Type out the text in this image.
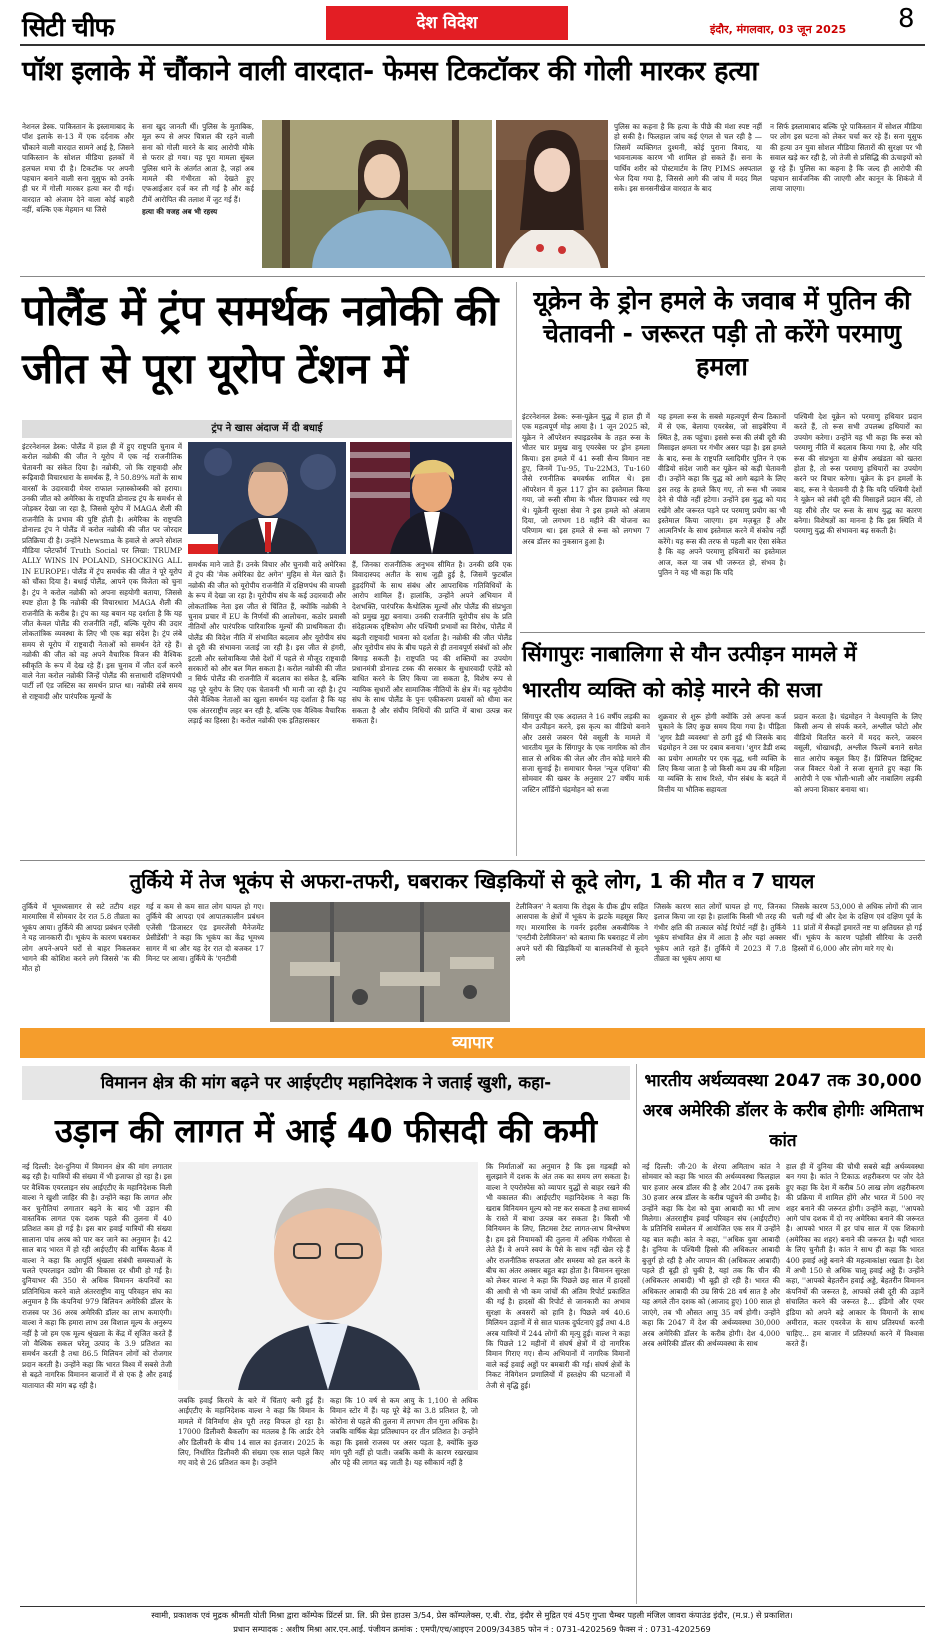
सिटी चीफ	देश विदेश	इंदौर, मंगलवार, 03 जून 2025 8
पॉश इलाके में चौंकाने वाली वारदात- फेमस टिकटॉकर की गोली मारकर हत्या
नेशनल डेस्क. पाकिस्तान के इस्लामाबाद के पॉश इलाके स-13 में एक दर्दनाक और चौंकाने वाली वारदात सामने आई है, जिसने पाकिस्तान के सोशल मीडिया हलकों में हलचल मचा दी है। टिकटॉक पर अपनी पहचान बनाने वाली सना यूसुफ को उनके ही घर में गोली मारकर हत्या कर दी गई। वारदात को अंजाम देने वाला कोई बाहरी नहीं, बल्कि एक मेहमान था जिसे
सना खुद जानती थीं। पुलिस के मुताबिक, मूल रूप से अपर चित्राल की रहने वाली सना को गोली मारने के बाद आरोपी मौके से फरार हो गया। यह पूरा मामला सुंबल पुलिस थाने के अंतर्गत आता है, जहां अब मामले की गंभीरता को देखते हुए एफआईआर दर्ज कर ली गई है और कई टीमें आरोपित की तलाश में जुट गई हैं।
हत्या की वजह अब भी रहस्य
पुलिस का कहना है कि हत्या के पीछे की मंशा स्पष्ट नहीं हो सकी है। फिलहाल जांच कई एंगल से चल रही है — जिसमें व्यक्तिगत दुश्मनी, कोई पुराना विवाद, या भावनात्मक कारण भी शामिल हो सकते हैं। सना के पार्थिव शरीर को पोस्टमार्टम के लिए PIMS अस्पताल भेज दिया गया है, जिससे आगे की जांच में मदद मिल सके। इस सनसनीखेज वारदात के बाद
न सिर्फ इस्लामाबाद बल्कि पूरे पाकिस्तान में सोशल मीडिया पर लोग इस घटना को लेकर चर्चा कर रहे हैं। सना यूसुफ की हत्या उन युवा सोशल मीडिया सितारों की सुरक्षा पर भी सवाल खड़े कर रही है, जो तेजी से प्रसिद्धि की ऊंचाइयों को छू रहे हैं। पुलिस का कहना है कि जल्द ही आरोपी की पहचान सार्वजनिक की जाएगी और कानून के शिकंजे में लाया जाएगा।
पोलैंड में ट्रंप समर्थक नव्रोकी की जीत से पूरा यूरोप टेंशन में
ट्रंप ने खास अंदाज में दी बधाई
इंटरनेशनल डेस्क: पोलैंड में हाल ही में हुए राष्ट्रपति चुनाव में करोल नव्रोकी की जीत ने यूरोप में एक नई राजनीतिक चेतावनी का संकेत दिया है। नव्रोकी, जो कि राष्ट्रवादी और रूढ़िवादी विचारधारा के समर्थक हैं, ने 50.89% मतों के साथ वारसॉ के उदारवादी मेयर राफाल त्र्ज़ास्कोव्स्की को हराया। उनकी जीत को अमेरिका के राष्ट्रपति डोनाल्ड ट्रंप के समर्थन से जोड़कर देखा जा रहा है, जिससे यूरोप में MAGA शैली की राजनीति के प्रभाव की पुष्टि होती है। अमेरिका के राष्ट्रपति डोनाल्ड ट्रंप ने पोलैंड में करोल नव्रोकी की जीत पर जोरदार प्रतिक्रिया दी है। उन्होंने Newsma के हवाले से अपने सोशल मीडिया प्लेटफॉर्म Truth Social पर लिखा: TRUMP ALLY WINS IN POLAND, SHOCKING ALL IN EUROPE। पोलैंड में ट्रंप समर्थक की जीत ने पूरे यूरोप को चौंका दिया है। बधाई पोलैंड, आपने एक विजेता को चुना है। ट्रंप ने करोल नव्रोकी को अपना सहयोगी बताया, जिससे स्पष्ट होता है कि नव्रोकी की विचारधारा MAGA शैली की राजनीति के करीब है। ट्रंप का यह बयान यह दर्शाता है कि यह जीत केवल पोलैंड की राजनीति नहीं, बल्कि यूरोप की उदार लोकतांत्रिक व्यवस्था के लिए भी एक बड़ा संदेश है। ट्रंप लंबे समय से यूरोप में राष्ट्रवादी नेताओं को समर्थन देते रहे हैं। नव्रोकी की जीत को वह अपने वैचारिक विजन की वैश्विक स्वीकृति के रूप में देख रहे हैं। इस चुनाव में जीत दर्ज करने वाले नेता करोल नव्रोकी जिन्हें पोलैंड की सत्ताधारी दक्षिणपंथी पार्टी लॉ एंड जस्टिस का समर्थन प्राप्त था। नव्रोकी लंबे समय से राष्ट्रवादी और पारंपरिक मूल्यों के
समर्थक माने जाते हैं। उनके विचार और चुनावी वादे अमेरिका में ट्रंप की 'मेक अमेरिका ग्रेट अगेन' मुहिम से मेल खाते हैं। नव्रोकी की जीत को यूरोपीय राजनीति में दक्षिणपंथ की वापसी के रूप में देखा जा रहा है। यूरोपीय संघ के कई उदारवादी और लोकतांत्रिक नेता इस जीत से चिंतित हैं, क्योंकि नव्रोकी ने चुनाव प्रचार में EU के निर्णयों की आलोचना, कठोर प्रवासी नीतियों और पारंपरिक पारिवारिक मूल्यों की प्राथमिकता दी। पोलैंड की विदेश नीति में संभावित बदलाव और यूरोपीय संघ से दूरी की संभावना जताई जा रही है। इस जीत से हंगरी, इटली और स्लोवाकिया जैसे देशों में पहले से मौजूद राष्ट्रवादी सरकारों को और बल मिल सकता है। करोल नव्रोकी की जीत न सिर्फ पोलैंड की राजनीति में बदलाव का संकेत है, बल्कि यह पूरे यूरोप के लिए एक चेतावनी भी मानी जा रही है। ट्रंप जैसे वैश्विक नेताओं का खुला समर्थन यह दर्शाता है कि यह एक अंतरराष्ट्रीय लहर बन रही है, बल्कि एक वैश्विक वैचारिक लड़ाई का हिस्सा है। करोल नव्रोकी एक इतिहासकार
हैं, जिनका राजनीतिक अनुभव सीमित है। उनकी छवि एक विवादास्पद अतीत के साथ जुड़ी हुई है, जिसमें फुटबॉल हुड़दंगियों के साथ संबंध और आपराधिक गतिविधियों के आरोप शामिल हैं। हालांकि, उन्होंने अपने अभियान में देशभक्ति, पारंपरिक कैथोलिक मूल्यों और पोलैंड की संप्रभुता को प्रमुख मुद्दा बनाया। उनकी राजनीति यूरोपीय संघ के प्रति संदेहात्मक दृष्टिकोण और पश्चिमी प्रभावों का विरोध, पोलैंड में बढ़ती राष्ट्रवादी भावना को दर्शाता है। नव्रोकी की जीत पोलैंड और यूरोपीय संघ के बीच पहले से ही तनावपूर्ण संबंधों को और बिगाड़ सकती है। राष्ट्रपति पद की शक्तियों का उपयोग प्रधानमंत्री डोनाल्ड टस्क की सरकार के सुधारवादी एजेंडे को बाधित करने के लिए किया जा सकता है, विशेष रूप से न्यायिक सुधारों और सामाजिक नीतियों के क्षेत्र में। यह यूरोपीय संघ के साथ पोलैंड के पुनः एकीकरण प्रयासों को धीमा कर सकता है और संघीय निधियों की प्राप्ति में बाधा उत्पन्न कर सकता है।
यूक्रेन के ड्रोन हमले के जवाब में पुतिन की चेतावनी - जरूरत पड़ी तो करेंगे परमाणु हमला
इंटरनेशनल डेस्क: रूस-यूक्रेन युद्ध में हाल ही में एक महत्वपूर्ण मोड़ आया है। 1 जून 2025 को, यूक्रेन ने ऑपरेशन स्पाइडरवेब के तहत रूस के भीतर चार प्रमुख वायु एयरबेस पर ड्रोन हमला किया। इस हमले में 41 रूसी सैन्य विमान नष्ट हुए, जिनमें Tu-95, Tu-22M3, Tu-160 जैसे रणनीतिक बमवर्षक शामिल थे। इस ऑपरेशन में कुल 117 ड्रोन का इस्तेमाल किया गया, जो रूसी सीमा के भीतर छिपाकर रखे गए थे। यूक्रेनी सुरक्षा सेवा ने इस हमले को अंजाम दिया, जो लगभग 18 महीने की योजना का परिणाम था। इस हमले से रूस को लगभग 7 अरब डॉलर का नुकसान हुआ है।
यह हमला रूस के सबसे महत्वपूर्ण सैन्य ठिकानों में से एक, बेलाया एयरबेस, जो साइबेरिया में स्थित है, तक पहुंचा। इससे रूस की लंबी दूरी की मिसाइल क्षमता पर गंभीर असर पड़ा है। इस हमले के बाद, रूस के राष्ट्रपति व्लादिमीर पुतिन ने एक वीडियो संदेश जारी कर यूक्रेन को कड़ी चेतावनी दी। उन्होंने कहा कि युद्ध को आगे बढ़ाने के लिए इस तरह के हमले किए गए, तो रूस भी जवाब देने से पीछे नहीं हटेगा। उन्होंने इस युद्ध को याद रखेंगे और जरूरत पड़ने पर परमाणु प्रयोग का भी इस्तेमाल किया जाएगा। हम मज़बूत हैं और आत्मनिर्भर के साथ इस्तेमाल करने में संकोच नहीं करेंगे। यह रूस की तरफ से पहली बार ऐसा संकेत है कि वह अपने परमाणु हथियारों का इस्तेमाल आज, कल या जब भी जरूरत हो, संभव है। पुतिन ने यह भी कहा कि यदि
पश्चिमी देश यूक्रेन को परमाणु हथियार प्रदान करते हैं, तो रूस सभी उपलब्ध हथियारों का उपयोग करेगा। उन्होंने यह भी कहा कि रूस को परमाणु नीति में बदलाव किया गया है, और यदि रूस की संप्रभुता या क्षेत्रीय अखंडता को खतरा होता है, तो रूस परमाणु हथियारों का उपयोग करने पर विचार करेगा। यूक्रेन के इन हमलों के बाद, रूस ने चेतावनी दी है कि यदि पश्चिमी देशों ने यूक्रेन को लंबी दूरी की मिसाइलें प्रदान कीं, तो यह सीधे तौर पर रूस के साथ युद्ध का कारण बनेगा। विशेषज्ञों का मानना है कि इस स्थिति में परमाणु युद्ध की संभावना बढ़ सकती है।
सिंगापुरः नाबालिगा से यौन उत्पीड़न मामले में भारतीय व्यक्ति को कोड़े मारने की सजा
सिंगापुर की एक अदालत ने 16 वर्षीय लड़की का यौन उत्पीड़न करने, इस कृत्य का वीडियो बनाने और उससे जबरन पैसे वसूली के मामले में भारतीय मूल के सिंगापुर के एक नागरिक को तीन साल से अधिक की जेल और तीन कोड़े मारने की सजा सुनाई है। समाचार चैनल 'न्यूज एशिया' की सोमवार की खबर के अनुसार 27 वर्षीय मार्क जस्टिन लॉर्डिनो चंद्रमोहन को सजा
शुक्रवार से शुरू होगी क्योंकि उसे अपना कर्ज चुकाने के लिए कुछ समय दिया गया है। पीड़िता 'शुगर डैडी व्यवस्था' से ठगी हुई थी जिसके बाद चंद्रमोहन ने उस पर दबाव बनाया। 'शुगर डैडी शब्द का प्रयोग आमतौर पर एक वृद्ध, धनी व्यक्ति के लिए किया जाता है जो किसी कम उम्र की महिला या व्यक्ति के साथ रिश्ते, यौन संबंध के बदले में वित्तीय या भौतिक सहायता
प्रदान करता है। चंद्रमोहन ने वेश्यावृत्ति के लिए किसी अन्य से संपर्क करने, अश्लील फोटो और वीडियो वितरित करने में मदद करने, जबरन वसूली, धोखाधड़ी, अश्लील फिल्में बनाने समेत सात आरोप कबूल किए हैं। प्रिंसिपल डिस्ट्रिक्ट जज विक्टर येओ ने सजा सुनाते हुए कहा कि आरोपी ने एक भोली-भाली और नाबालिग लड़की को अपना शिकार बनाया था।
तुर्किये में तेज भूकंप से अफरा-तफरी, घबराकर खिड़कियों से कूदे लोग, 1 की मौत व 7 घायल
तुर्किये में भूमध्यसागर से सटे तटीय शहर मारमारिस में सोमवार देर रात 5.8 तीव्रता का भूकंप आया। तुर्किये की आपदा प्रबंधन एजेंसी ने यह जानकारी दी। भूकंप के कारण घबराकर लोग अपने-अपने घरों से बाहर निकलकर भागने की कोशिश करने लगे जिससे 'क की मौत हो
गई व कम से कम सात लोग घायल हो गए। तुर्किये की आपदा एवं आपातकालीन प्रबंधन एजेंसी 'डिजास्टर एंड इमरजेंसी मैनेजमेंट प्रेसीडेंसी' ने कहा कि भूकंप का केंद्र भूमध्य सागर में था और यह देर रात दो बजकर 17 मिनट पर आया। तुर्किये के 'एनटीवी
टेलीविजन' ने बताया कि रोड्स के ग्रीक द्वीप सहित आसपास के क्षेत्रों में भूकंप के झटके महसूस किए गए। मारमारिस के गवर्नर इदरीस अकबीयिक ने 'एनटीवी टेलीविजन' को बताया कि घबराहट में लोग अपने घरों की खिड़कियों या बालकनियों से कूदने लगे
जिसके कारण सात लोगों घायल हो गए, जिनका इलाज किया जा रहा है। हालांकि किसी भी तरह की गंभीर क्षति की तत्काल कोई रिपोर्ट नहीं है। तुर्किये भूकंप संभावित क्षेत्र में आता है और यहां अक्सर भूकंप आते रहते हैं। तुर्किये में 2023 में 7.8 तीव्रता का भूकंप आया था
जिसके कारण 53,000 से अधिक लोगों की जान चली गई थी और देश के दक्षिण एवं दक्षिण पूर्व के 11 प्रांतों में सैकड़ों इमारतें नष्ट या क्षतिग्रस्त हो गई थीं। भूकंप के कारण पड़ोसी सीरिया के उत्तरी हिस्सों में 6,000 और लोग मारे गए थे।
व्यापार
विमानन क्षेत्र की मांग बढ़ने पर आईएटीए महानिदेशक ने जताई खुशी, कहा-
उड़ान की लागत में आई 40 फीसदी की कमी
नई दिल्ली: देश-दुनिया में विमानन क्षेत्र की मांग लगातार बढ़ रही है। यात्रियों की संख्या में भी इजाफा हो रहा है। इस पर वैश्विक एयरलाइन संघ आईएटीए के महानिदेशक विली वाल्श ने खुशी जाहिर की है। उन्होंने कहा कि लागत और कर चुनौतियां लगातार बढ़ने के बाद भी उड़ान की वास्तविक लागत एक दशक पहले की तुलना में 40 प्रतिशत कम हो गई है। इस बार हवाई यात्रियों की संख्या सालाना पांच अरब को पार कर जाने का अनुमान है। 42 साल बाद भारत में हो रही आईएटीए की वार्षिक बैठक में वाल्श ने कहा कि आपूर्ति श्रृंखला संबंधी समस्याओं के चलते एयरलाइन उद्योग की विकास दर धीमी हो गई है। दुनियाभर की 350 से अधिक विमानन कंपनियों का प्रतिनिधित्व करने वाले अंतरराष्ट्रीय वायु परिवहन संघ का अनुमान है कि कंपनियां 979 बिलियन अमेरिकी डॉलर के राजस्व पर 36 अरब अमेरिकी डॉलर का लाभ कमाएंगी। वाल्श ने कहा कि हमारा लाभ उस विशाल मूल्य के अनुरूप नहीं है जो हम एक मूल्य श्रृंखला के केंद्र में सृजित करते हैं जो वैश्विक सकल घरेलू उत्पाद के 3.9 प्रतिशत का समर्थन करती है तथा 86.5 मिलियन लोगों को रोजगार प्रदान करती है। उन्होंने कहा कि भारत विश्व में सबसे तेजी से बढ़ते नागरिक विमानन बाजारों में से एक है और हवाई यातायात की मांग बढ़ रही है।
जबकि हवाई किराये के बारे में चिंताएं बनी हुई हैं। आईएटीए के महानिदेशक वाल्श ने कहा कि विमान के मामले में विनिर्माण क्षेत्र पूरी तरह विफल हो रहा है। 17000 डिलीवरी बैकलॉग का मतलब है कि आर्डर देने और डिलीवरी के बीच 14 साल का इंतजार। 2025 के लिए, निर्धारित डिलीवरी की संख्या एक साल पहले किए गए वादे से 26 प्रतिशत कम है। उन्होंने
कहा कि 10 वर्ष से कम आयु के 1,100 से अधिक विमान स्टोर में हैं। यह पूरे बेड़े का 3.8 प्रतिशत है, जो कोरोना से पहले की तुलना में लगभग तीन गुना अधिक है। जबकि वार्षिक बेड़ा प्रतिस्थापन दर तीन प्रतिशत है। उन्होंने कहा कि इससे राजस्व पर असर पड़ता है, क्योंकि कुछ मांग पूरी नहीं हो पाती। जबकि कमी के कारण रखरखाव और पट्टे की लागत बढ़ जाती है। यह स्वीकार्य नहीं है
कि निर्माताओं का अनुमान है कि इस गड़बड़ी को सुलझाने में दशक के अंत तक का समय लग सकता है। वाल्श ने एयरोस्पेस को व्यापार युद्धों से बाहर रखने की भी वकालत की। आईएटीए महानिदेशक ने कहा कि खराब विनियमन मूल्य को नष्ट कर सकता है तथा सामर्थ्य के रास्ते में बाधा उत्पन्न कर सकता है। किसी भी विनियमन के लिए, लिटमस टेस्ट लागत-लाभ विश्लेषण है। हम इसे नियामकों की तुलना में अधिक गंभीरता से लेते हैं। वे अपने स्वयं के पैसे के साथ नहीं खेल रहे हैं और राजनीतिक सफलता और समस्या को हल करने के बीच का अंतर अक्सर बहुत बड़ा होता है। विमानन सुरक्षा को लेकर वाल्श ने कहा कि पिछले छह साल में हादसों की आधी से भी कम जांचों की अंतिम रिपोर्ट प्रकाशित की गई है। हादसों की रिपोर्ट से जानकारी का अभाव सुरक्षा के अवसरों को हानि है। पिछले वर्ष 40.6 मिलियन उड़ानों में से सात घातक दुर्घटनाएं हुईं तथा 4.8 अरब यात्रियों में 244 लोगों की मृत्यु हुई। वाल्श ने कहा कि पिछले 12 महीनों में संघर्ष क्षेत्रों में दो नागरिक विमान गिराए गए। सैन्य अभियानों में नागरिक विमानों वाले कई हवाई अड्डों पर बमबारी की गई। संघर्ष क्षेत्रों के निकट नेविगेशन प्रणालियों में हस्तक्षेप की घटनाओं में तेजी से वृद्धि हुई।
भारतीय अर्थव्यवस्था 2047 तक 30,000 अरब अमेरिकी डॉलर के करीब होगीः अमिताभ कांत
नई दिल्ली: जी-20 के शेरपा अमिताभ कांत ने सोमवार को कहा कि भारत की अर्थव्यवस्था फिलहाल चार हजार अरब डॉलर की है और 2047 तक इसके 30 हजार अरब डॉलर के करीब पहुंचने की उम्मीद है। उन्होंने कहा कि देश को युवा आबादी का भी लाभ मिलेगा। अंतरराष्ट्रीय हवाई परिवहन संघ (आईएटीए) के प्रतिनिधि सम्मेलन में आयोजित एक सत्र में उन्होंने यह बात कही। कांत ने कहा, ''अधिक युवा आबादी है। दुनिया के पश्चिमी हिस्से की अधिकतर आबादी बुजुर्ग हो रही है और जापान की (अधिकतर आबादी) पहले ही बूढ़ी हो चुकी है, यहां तक कि चीन की (अधिकतर आबादी) भी बूढ़ी हो रही है। भारत की अधिकतर आबादी की उम्र सिर्फ 28 वर्ष सात है और यह अगले तीन दशक को (आजाद हुए) 100 साल हो जाएंगे, तब भी औसत आयु 35 वर्ष होगी। उन्होंने कहा कि 2047 में देश की अर्थव्यवस्था 30,000 अरब अमेरिकी डॉलर के करीब होगी। देश 4,000 अरब अमेरिकी डॉलर की अर्थव्यवस्था के साथ
हाल ही में दुनिया की चौथी सबसे बड़ी अर्थव्यवस्था बन गया है। कांत ने टिकाऊ शहरीकरण पर जोर देते हुए कहा कि देश में करीब 50 लाख लोग शहरीकरण की प्रक्रिया में शामिल होंगे और भारत में 500 नए शहर बनाने की जरूरत होगी। उन्होंने कहा, ''आपको आगे पांच दशक में दो नए अमेरिका बनाने की जरूरत है। आपको भारत में हर पांच साल में एक शिकागो (अमेरिका का शहर) बनाने की जरूरत है। यही भारत के लिए चुनौती है। कांत ने साथ ही कहा कि भारत 400 हवाई अड्डे बनाने की महत्वाकांक्षा रखता है। देश में अभी 150 से अधिक चालू हवाई अड्डे हैं। उन्होंने कहा, ''आपको बेहतरीन हवाई अड्डे, बेहतरीन विमानन कंपनियों की जरूरत है, आपको लंबी दूरी की उड़ानें संचालित करने की जरूरत है... इंडिगो और एयर इंडिया को अपने बड़े आकार के विमानों के साथ अमीरात, कतर एयरवेज के साथ प्रतिस्पर्धा करनी चाहिए... हम बाजार में प्रतिस्पर्धा करने में विश्वास करते हैं।
स्वामी, प्रकाशक एवं मुद्रक श्रीमती योती मिश्रा द्वारा कॉम्पेक प्रिंटर्स प्रा. लि. फ्री प्रेस हाउस 3/54, प्रेस कॉम्पलेक्स, ए.बी. रोड, इंदौर से मुद्रित एवं 45ए गुप्ता चैम्बर पहली मंजिल जावरा कंपाउंड इंदौर, (म.प्र.) से प्रकाशित।
प्रधान सम्पादक : अशीष मिश्रा आर.एन.आई. पंजीयन क्रमांक : एमपी/एच/आइएन 2009/34385 फोन नं : 0731-4202569 फैक्स नं : 0731-4202569
